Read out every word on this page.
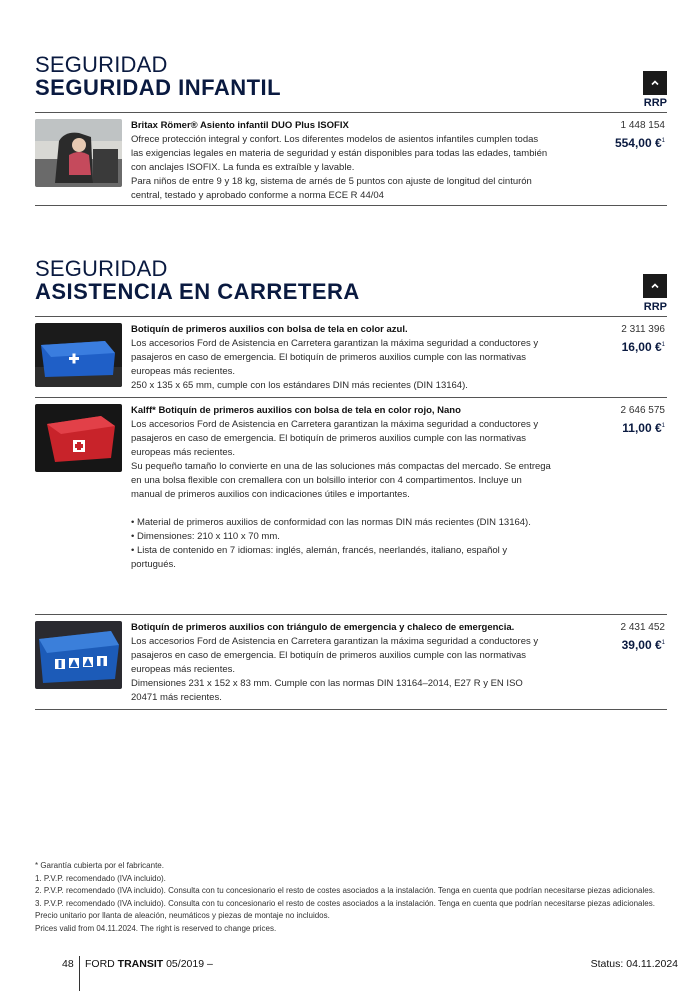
SEGURIDAD
SEGURIDAD INFANTIL
RRP
Britax Römer® Asiento infantil DUO Plus ISOFIX

Ofrece protección integral y confort. Los diferentes modelos de asientos infantiles cumplen todas las exigencias legales en materia de seguridad y están disponibles para todas las edades, también con anclajes ISOFIX. La funda es extraíble y lavable.

Para niños de entre 9 y 18 kg, sistema de arnés de 5 puntos con ajuste de longitud del cinturón central, testado y aprobado conforme a norma ECE R 44/04

1 448 154
554,00 €$^1$
SEGURIDAD
ASISTENCIA EN CARRETERA
RRP
Botiquín de primeros auxilios con bolsa de tela en color azul.

Los accesorios Ford de Asistencia en Carretera garantizan la máxima seguridad a conductores y pasajeros en caso de emergencia. El botiquín de primeros auxilios cumple con las normativas europeas más recientes.

250 x 135 x 65 mm, cumple con los estándares DIN más recientes (DIN 13164).

2 311 396
16,00 €$^1$
Kalff* Botiquín de primeros auxilios con bolsa de tela en color rojo, Nano

Los accesorios Ford de Asistencia en Carretera garantizan la máxima seguridad a conductores y pasajeros en caso de emergencia. El botiquín de primeros auxilios cumple con las normativas europeas más recientes.

Su pequeño tamaño lo convierte en una de las soluciones más compactas del mercado. Se entrega en una bolsa flexible con cremallera con un bolsillo interior con 4 compartimentos. Incluye un manual de primeros auxilios con indicaciones útiles e importantes.

• Material de primeros auxilios de conformidad con las normas DIN más recientes (DIN 13164).

• Dimensiones: 210 x 110 x 70 mm.

• Lista de contenido en 7 idiomas: inglés, alemán, francés, neerlandés, italiano, español y portugués.

2 646 575
11,00 €$^1$
Botiquín de primeros auxilios con triángulo de emergencia y chaleco de emergencia.

Los accesorios Ford de Asistencia en Carretera garantizan la máxima seguridad a conductores y pasajeros en caso de emergencia. El botiquín de primeros auxilios cumple con las normativas europeas más recientes.

Dimensiones 231 x 152 x 83 mm. Cumple con las normas DIN 13164–2014, E27 R y EN ISO 20471 más recientes.

2 431 452
39,00 €$^1$
* Garantía cubierta por el fabricante.
1. P.V.P. recomendado (IVA incluido).
2. P.V.P. recomendado (IVA incluido). Consulta con tu concesionario el resto de costes asociados a la instalación. Tenga en cuenta que podrían necesitarse piezas adicionales.
3. P.V.P. recomendado (IVA incluido). Consulta con tu concesionario el resto de costes asociados a la instalación. Tenga en cuenta que podrían necesitarse piezas adicionales. Precio unitario por llanta de aleación, neumáticos y piezas de montaje no incluidos.
Prices valid from 04.11.2024. The right is reserved to change prices.
48 FORD TRANSIT 05/2019 –	Status: 04.11.2024
